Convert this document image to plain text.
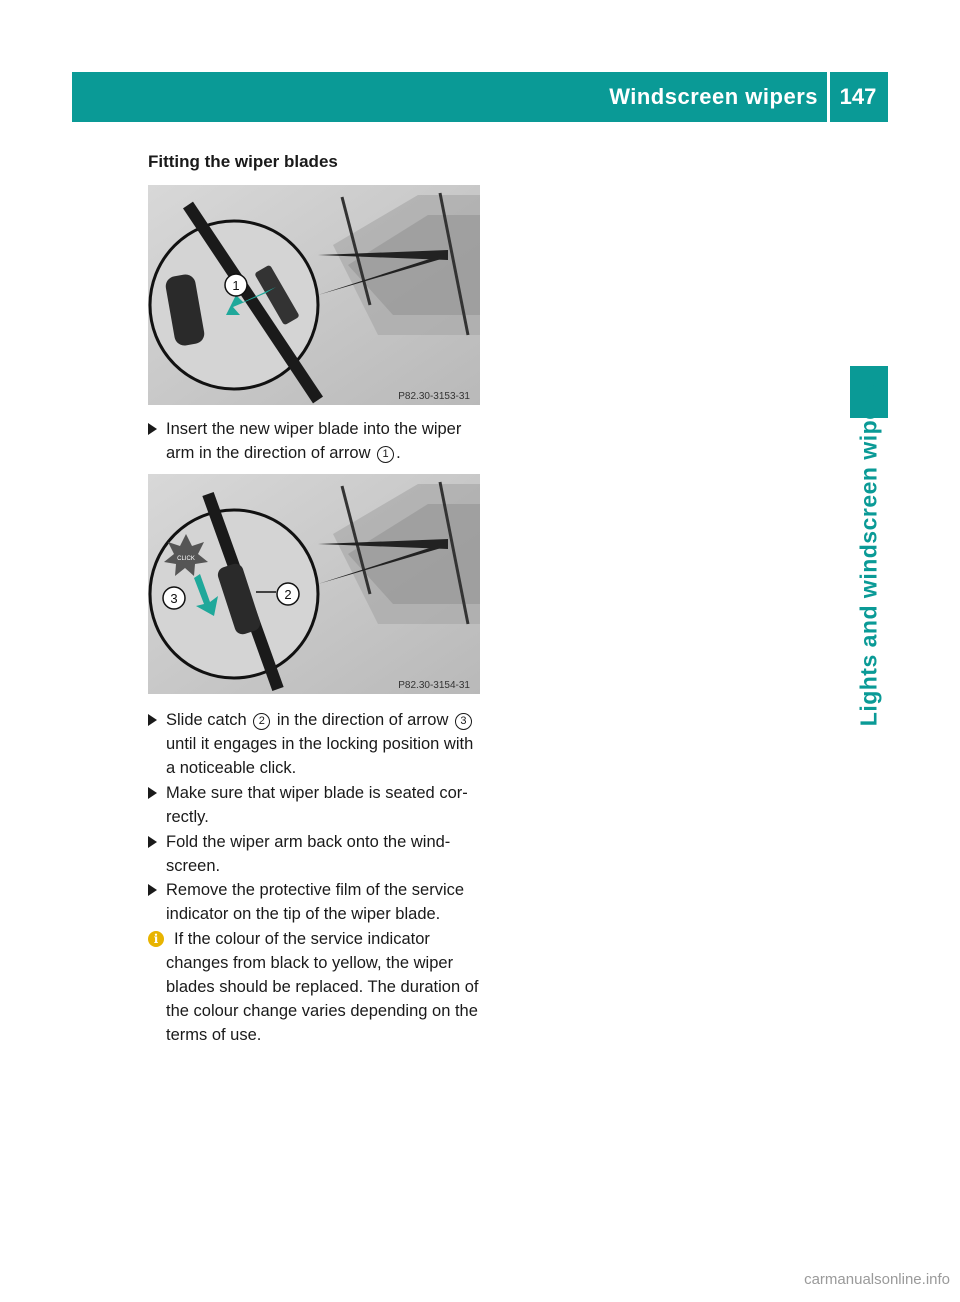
Windscreen wipers 147
Lights and windscreen wipers
Fitting the wiper blades
1
P82.30-3153-31
Insert the new wiper blade into the wiper arm in the direction of arrow 1 .
CLICK
2
3
P82.30-3154-31
Slide catch 2 in the direction of arrow 3 until it engages in the locking position with a noticeable click.
Make sure that wiper blade is seated cor-rectly.
Fold the wiper arm back onto the wind-screen.
Remove the protective film of the service indicator on the tip of the wiper blade.
i If the colour of the service indicator changes from black to yellow, the wiper blades should be replaced. The duration of the colour change varies depending on the terms of use.
carmanualsonline.info
